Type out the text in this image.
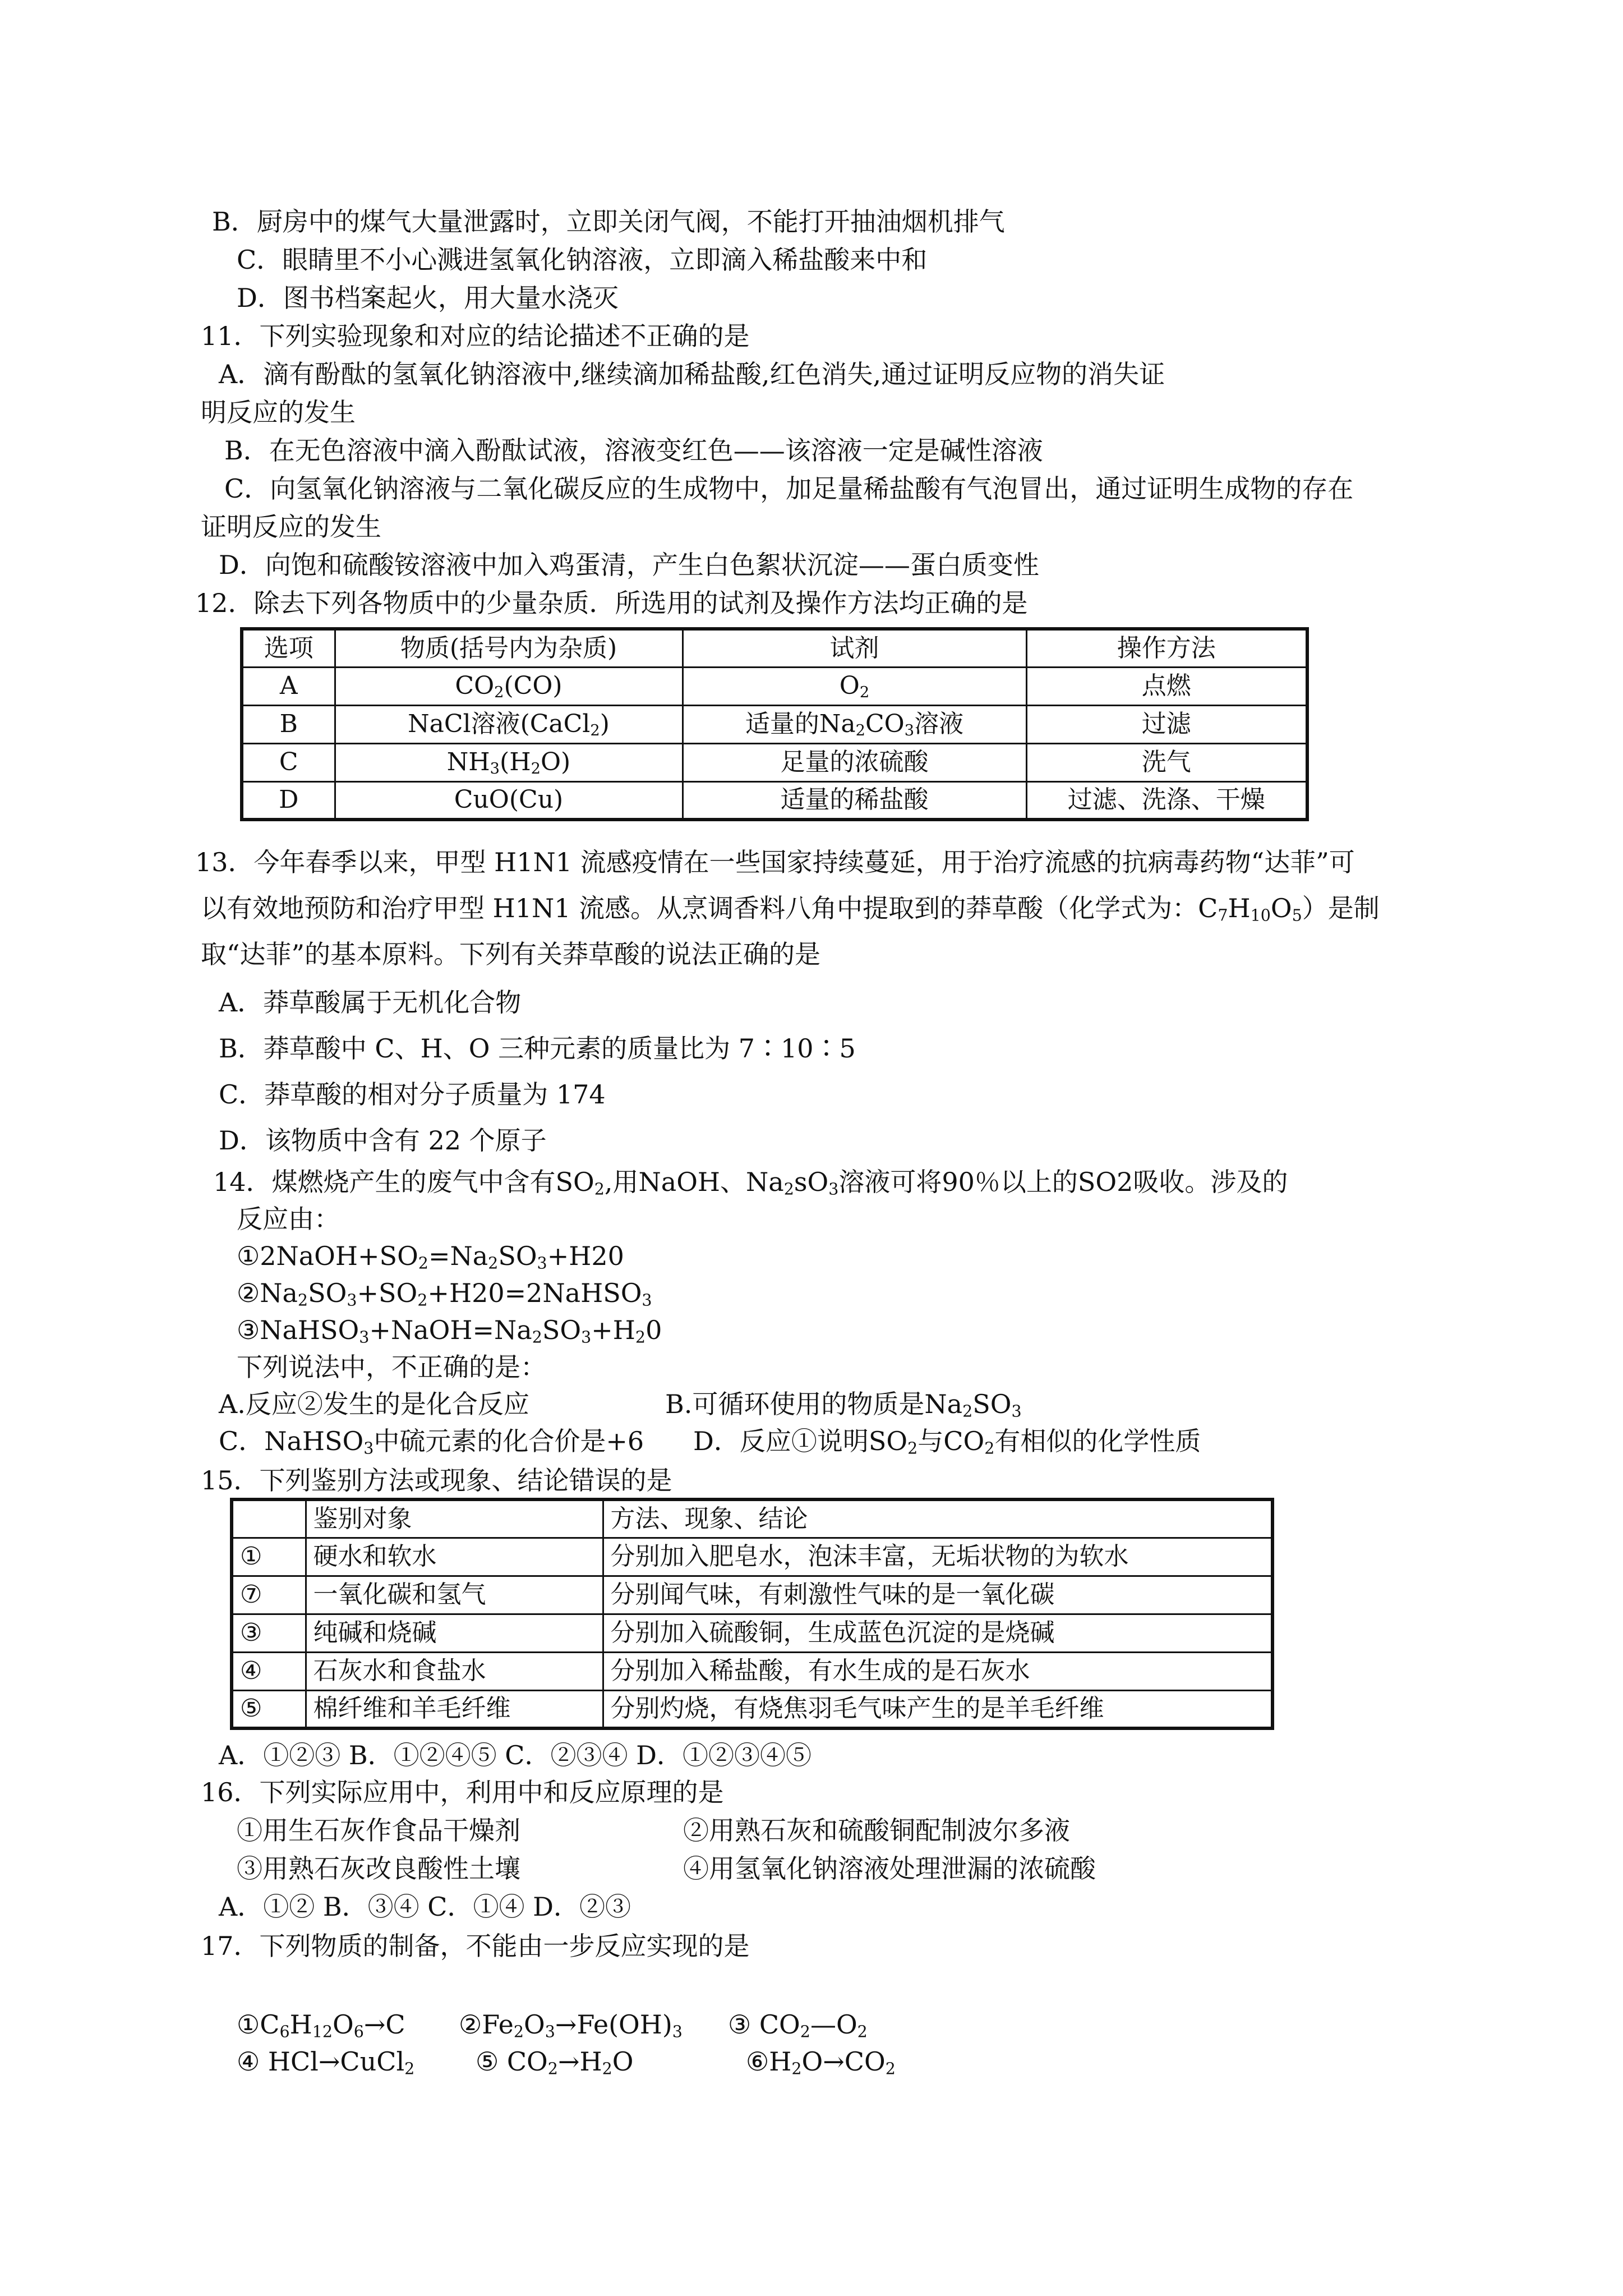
B．厨房中的煤气大量泄露时，立即关闭气阀，不能打开抽油烟机排气
C．眼睛里不小心溅进氢氧化钠溶液，立即滴入稀盐酸来中和
D．图书档案起火，用大量水浇灭
11．下列实验现象和对应的结论描述不正确的是
A．滴有酚酞的氢氧化钠溶液中,继续滴加稀盐酸,红色消失,通过证明反应物的消失证
明反应的发生
B．在无色溶液中滴入酚酞试液，溶液变红色——该溶液一定是碱性溶液
C．向氢氧化钠溶液与二氧化碳反应的生成物中，加足量稀盐酸有气泡冒出，通过证明生成物的存在
证明反应的发生
D．向饱和硫酸铵溶液中加入鸡蛋清，产生白色絮状沉淀——蛋白质变性
12．除去下列各物质中的少量杂质．所选用的试剂及操作方法均正确的是
选项	物质(括号内为杂质)	试剂	操作方法
A	$CO_2(CO)$	$O_2$	点燃
B	NaCl溶液(CaCl$_2$)	适量的$Na_2CO_3$溶液	过滤
C	$NH_3(H_2O)$	足量的浓硫酸	洗气
D	CuO(Cu)	适量的稀盐酸	过滤、洗涤、干燥
13．今年春季以来，甲型 H1N1 流感疫情在一些国家持续蔓延，用于治疗流感的抗病毒药物“达菲”可
以有效地预防和治疗甲型 H1N1 流感。从烹调香料八角中提取到的莽草酸（化学式为：$C_7H_{10}O_5$）是制
取“达菲”的基本原料。下列有关莽草酸的说法正确的是
A．莽草酸属于无机化合物
B．莽草酸中 C、H、O 三种元素的质量比为 7∶10∶5
C．莽草酸的相对分子质量为 174
D．该物质中含有 22 个原子
14．煤燃烧产生的废气中含有$SO_2$,用NaOH、$Na_2sO_3$溶液可将90％以上的SO2吸收。涉及的
反应由：
$①2NaOH+SO_2=Na_2SO_3+H20$
$②Na_2SO_3+SO_2+H20=2NaHSO_3$
$③NaHSO_3+NaOH=Na_2SO_3+H_20$
下列说法中，不正确的是：
A.反应②发生的是化合反应	B.可循环使用的物质是$Na_2SO_3$
C．NaHSO$_3$中硫元素的化合价是+6 D．反应①说明$SO_2$与$CO_2$有相似的化学性质
15．下列鉴别方法或现象、结论错误的是
	鉴别对象	方法、现象、结论
①	硬水和软水	分别加入肥皂水，泡沫丰富，无垢状物的为软水
⑦	一氧化碳和氢气	分别闻气味，有刺激性气味的是一氧化碳
③	纯碱和烧碱	分别加入硫酸铜，生成蓝色沉淀的是烧碱
④	石灰水和食盐水	分别加入稀盐酸，有水生成的是石灰水
⑤	棉纤维和羊毛纤维	分别灼烧，有烧焦羽毛气味产生的是羊毛纤维
A．①②③ B．①②④⑤ C．②③④ D．①②③④⑤
16．下列实际应用中，利用中和反应原理的是
①用生石灰作食品干燥剂	②用熟石灰和硫酸铜配制波尔多液
③用熟石灰改良酸性土壤	④用氢氧化钠溶液处理泄漏的浓硫酸
A．①② B．③④ C．①④ D．②③
17．下列物质的制备，不能由一步反应实现的是
$①C_6H_{12}O_6\to C$ $②Fe_2O_3\to Fe(OH)_3$ ③ $CO_2—O_2$
④ HCl→CuCl$_2$ ⑤ $CO_2\to H_2O$	$⑥H_2O\to CO_2$
